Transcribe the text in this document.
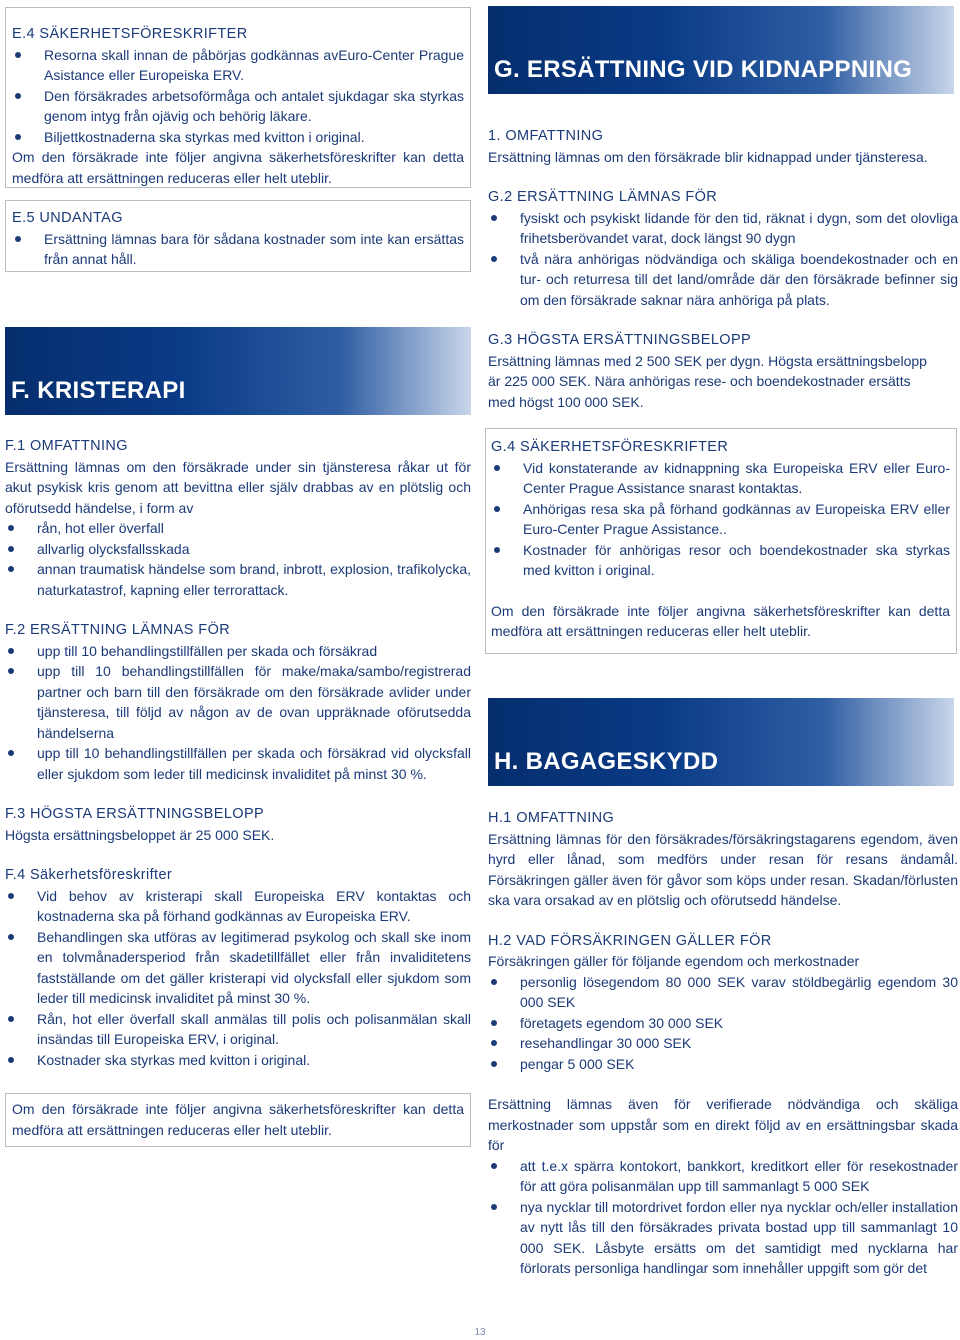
E.4 SÄKERHETSFÖRESKRIFTER
Resorna skall innan de påbörjas godkännas avEuro-Center Prague Asistance eller Europeiska ERV.
Den försäkrades arbetsoförmåga och antalet sjukdagar ska styrkas genom intyg från ojävig och behörig läkare.
Biljettkostnaderna ska styrkas med kvitton i original.

Om den försäkrade inte följer angivna säkerhetsföreskrifter kan detta medföra att ersättningen reduceras eller helt uteblir.

E.5 UNDANTAG
Ersättning lämnas bara för sådana kostnader som inte kan ersättas från annat håll.
F. KRISTERAPI
F.1 OMFATTNING

Ersättning lämnas om den försäkrade under sin tjänsteresa råkar ut för akut psykisk kris genom att bevittna eller själv drabbas av en plötslig och oförutsedd händelse, i form av

rån, hot eller överfall
allvarlig olycksfallsskada
annan traumatisk händelse som brand, inbrott, explosion, trafikolycka, naturkatastrof, kapning eller terrorattack.
F.2 ERSÄTTNING LÄMNAS FÖR
upp till 10 behandlingstillfällen per skada och försäkrad
upp till 10 behandlingstillfällen för make/maka/sambo/registrerad partner och barn till den försäkrade om den försäkrade avlider under tjänsteresa, till följd av någon av de ovan uppräknade oförutsedda händelserna
upp till 10 behandlingstillfällen per skada och försäkrad vid olycksfall eller sjukdom som leder till medicinsk invaliditet på minst 30 %.
F.3 HÖGSTA ERSÄTTNINGSBELOPP

Högsta ersättningsbeloppet är 25 000 SEK.

F.4 Säkerhetsföreskrifter
Vid behov av kristerapi skall Europeiska ERV kontaktas och kostnaderna ska på förhand godkännas av Europeiska ERV.
Behandlingen ska utföras av legitimerad psykolog och skall ske inom en tolvmånadersperiod från skadetillfället eller från invaliditetens fastställande om det gäller kristerapi vid olycksfall eller sjukdom som leder till medicinsk invaliditet på minst 30 %.
Rån, hot eller överfall skall anmälas till polis och polisanmälan skall insändas till Europeiska ERV, i original.
Kostnader ska styrkas med kvitton i original.

Om den försäkrade inte följer angivna säkerhetsföreskrifter kan detta medföra att ersättningen reduceras eller helt uteblir.

G. ERSÄTTNING VID KIDNAPPNING
1. OMFATTNING

Ersättning lämnas om den försäkrade blir kidnappad under tjänsteresa.

G.2 ERSÄTTNING LÄMNAS FÖR
fysiskt och psykiskt lidande för den tid, räknat i dygn, som det olovliga frihetsberövandet varat, dock längst 90 dygn
två nära anhörigas nödvändiga och skäliga boendekostnader och en tur- och returresa till det land/område där den försäkrade befinner sig om den försäkrade saknar nära anhöriga på plats.
G.3 HÖGSTA ERSÄTTNINGSBELOPP

Ersättning lämnas med 2 500 SEK per dygn. Högsta ersättningsbelopp är 225 000 SEK. Nära anhörigas rese- och boendekostnader ersätts med högst 100 000 SEK.

G.4 SÄKERHETSFÖRESKRIFTER
Vid konstaterande av kidnappning ska Europeiska ERV eller Euro-Center Prague Assistance snarast kontaktas.
Anhörigas resa ska på förhand godkännas av Europeiska ERV eller Euro-Center Prague Assistance..
Kostnader för anhörigas resor och boendekostnader ska styrkas med kvitton i original.

Om den försäkrade inte följer angivna säkerhetsföreskrifter kan detta medföra att ersättningen reduceras eller helt uteblir.

H. BAGAGESKYDD
H.1 OMFATTNING

Ersättning lämnas för den försäkrades/försäkringstagarens egendom, även hyrd eller lånad, som medförs under resan för resans ändamål. Försäkringen gäller även för gåvor som köps under resan. Skadan/förlusten ska vara orsakad av en plötslig och oförutsedd händelse.

H.2 VAD FÖRSÄKRINGEN GÄLLER FÖR

Försäkringen gäller för följande egendom och merkostnader

personlig lösegendom 80 000 SEK varav stöldbegärlig egendom 30 000 SEK
företagets egendom 30 000 SEK
resehandlingar 30 000 SEK
pengar 5 000 SEK

Ersättning lämnas även för verifierade nödvändiga och skäliga merkostnader som uppstår som en direkt följd av en ersättningsbar skada för

att t.e.x spärra kontokort, bankkort, kreditkort eller för resekostnader för att göra polisanmälan upp till sammanlagt 5 000 SEK
nya nycklar till motordrivet fordon eller nya nycklar och/eller installation av nytt lås till den försäkrades privata bostad upp till sammanlagt 10 000 SEK. Låsbyte ersätts om det samtidigt med nycklarna har förlorats personliga handlingar som innehåller uppgift som gör det
13
